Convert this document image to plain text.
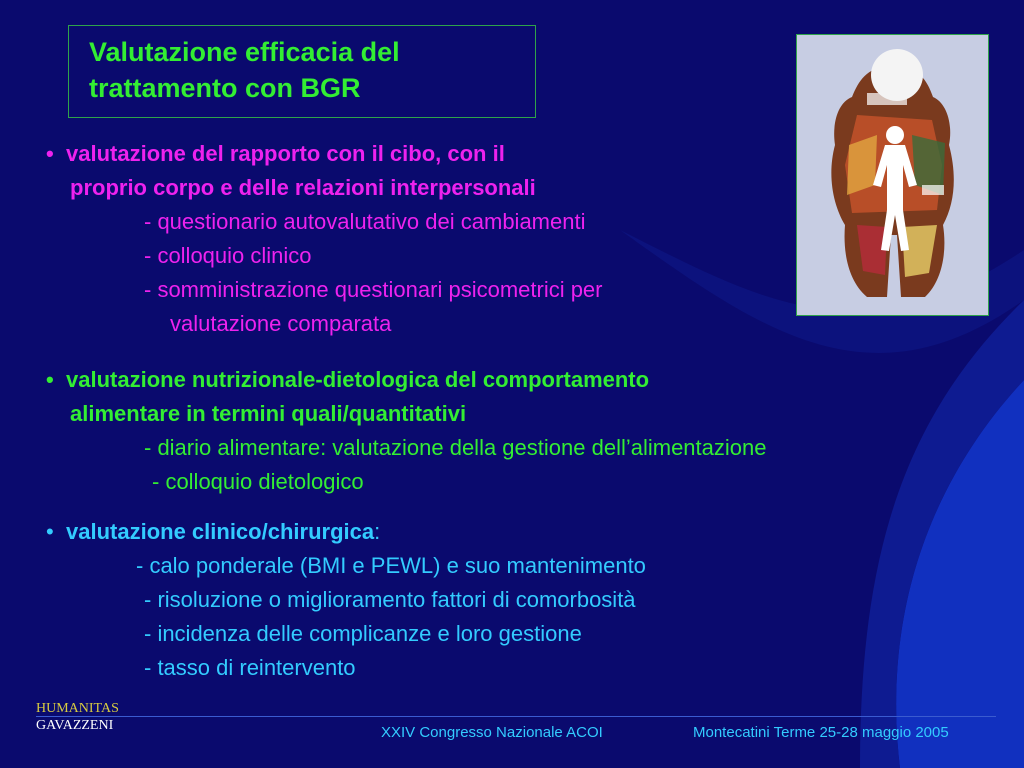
Valutazione efficacia del
trattamento con BGR
• valutazione del rapporto con il cibo, con il
proprio corpo e delle relazioni interpersonali
- questionario autovalutativo dei cambiamenti
- colloquio clinico
- somministrazione questionari psicometrici per
valutazione comparata
• valutazione nutrizionale-dietologica del comportamento
alimentare in termini quali/quantitativi
- diario alimentare: valutazione della gestione dell’alimentazione
- colloquio dietologico
• valutazione clinico/chirurgica:
- calo ponderale (BMI e PEWL) e suo mantenimento
- risoluzione o miglioramento fattori di comorbosità
- incidenza delle complicanze e loro gestione
- tasso di reintervento
HUMANITAS
GAVAZZENI	XXIV Congresso Nazionale ACOI	Montecatini Terme 25-28 maggio 2005
